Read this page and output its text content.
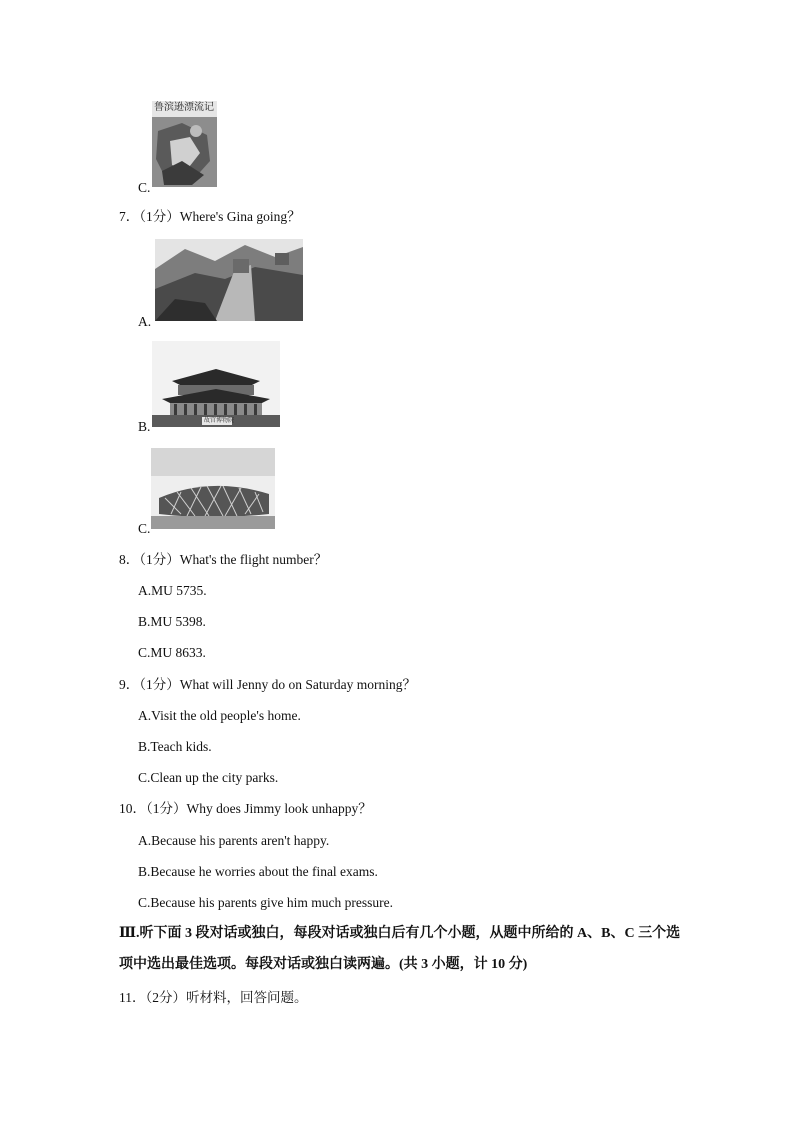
鲁滨逊漂流记
C.
7．（1分）Where's Gina going？
A.
故宫博物院
B.
C.
8．（1分）What's the flight number？
A.MU 5735.
B.MU 5398.
C.MU 8633.
9．（1分）What will Jenny do on Saturday morning？
A.Visit the old people's home.
B.Teach kids.
C.Clean up the city parks.
10．（1分）Why does Jimmy look unhappy？
A.Because his parents aren't happy.
B.Because he worries about the final exams.
C.Because his parents give him much pressure.
Ⅲ.听下面 3 段对话或独白，每段对话或独白后有几个小题，从题中所给的 A、B、C 三个选
项中选出最佳选项。每段对话或独白读两遍。(共 3 小题，计 10 分)
11．（2分）听材料，回答问题。
